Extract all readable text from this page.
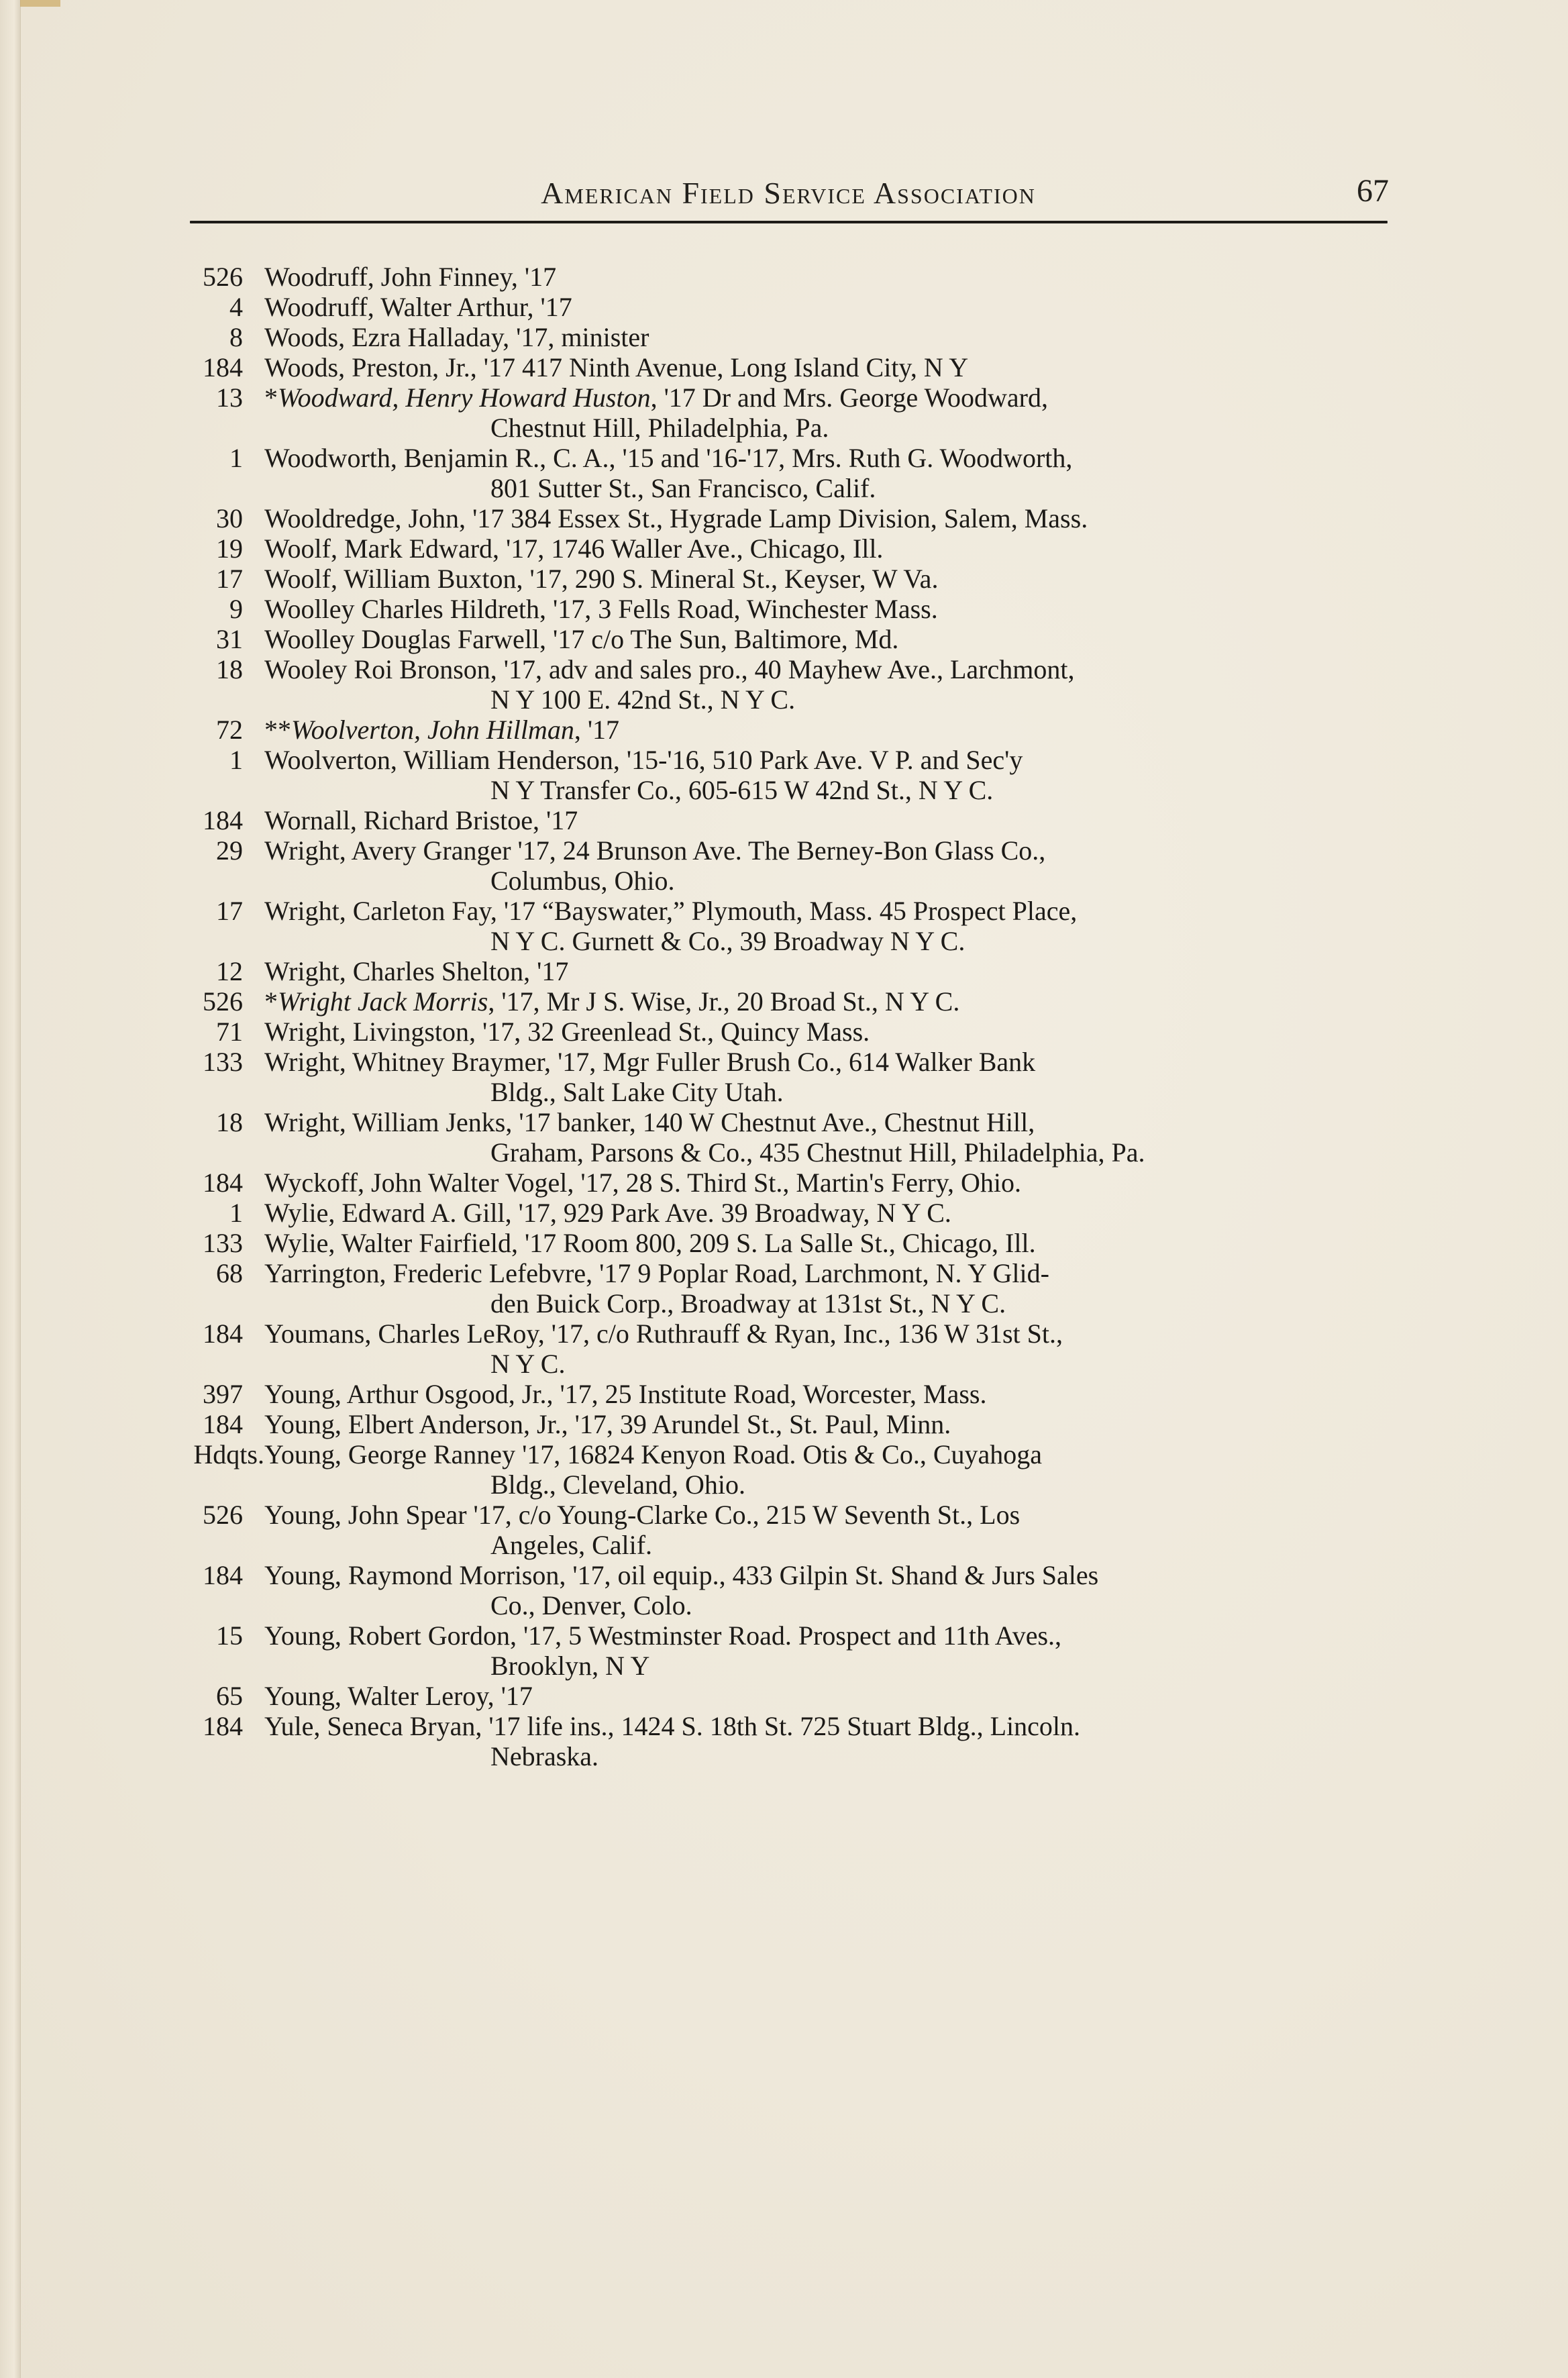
American Field Service Association	67
526 Woodruff, John Finney, '17
4 Woodruff, Walter Arthur, '17
8 Woods, Ezra Halladay, '17, minister
184 Woods, Preston, Jr., '17 417 Ninth Avenue, Long Island City, N Y
13 *Woodward, Henry Howard Huston, '17 Dr and Mrs. George Woodward,
Chestnut Hill, Philadelphia, Pa.
1 Woodworth, Benjamin R., C. A., '15 and '16-'17, Mrs. Ruth G. Woodworth,
801 Sutter St., San Francisco, Calif.
30 Wooldredge, John, '17 384 Essex St., Hygrade Lamp Division, Salem, Mass.
19 Woolf, Mark Edward, '17, 1746 Waller Ave., Chicago, Ill.
17 Woolf, William Buxton, '17, 290 S. Mineral St., Keyser, W Va.
9 Woolley Charles Hildreth, '17, 3 Fells Road, Winchester Mass.
31 Woolley Douglas Farwell, '17 c/o The Sun, Baltimore, Md.
18 Wooley Roi Bronson, '17, adv and sales pro., 40 Mayhew Ave., Larchmont,
N Y 100 E. 42nd St., N Y C.
72 **Woolverton, John Hillman, '17
1 Woolverton, William Henderson, '15-'16, 510 Park Ave. V P. and Sec'y
N Y Transfer Co., 605-615 W 42nd St., N Y C.
184 Wornall, Richard Bristoe, '17
29 Wright, Avery Granger '17, 24 Brunson Ave. The Berney-Bon Glass Co.,
Columbus, Ohio.
17 Wright, Carleton Fay, '17 “Bayswater,” Plymouth, Mass. 45 Prospect Place,
N Y C. Gurnett & Co., 39 Broadway N Y C.
12 Wright, Charles Shelton, '17
526 *Wright Jack Morris, '17, Mr J S. Wise, Jr., 20 Broad St., N Y C.
71 Wright, Livingston, '17, 32 Greenlead St., Quincy Mass.
133 Wright, Whitney Braymer, '17, Mgr Fuller Brush Co., 614 Walker Bank
Bldg., Salt Lake City Utah.
18 Wright, William Jenks, '17 banker, 140 W Chestnut Ave., Chestnut Hill,
Graham, Parsons & Co., 435 Chestnut Hill, Philadelphia, Pa.
184 Wyckoff, John Walter Vogel, '17, 28 S. Third St., Martin's Ferry, Ohio.
1 Wylie, Edward A. Gill, '17, 929 Park Ave. 39 Broadway, N Y C.
133 Wylie, Walter Fairfield, '17 Room 800, 209 S. La Salle St., Chicago, Ill.
68 Yarrington, Frederic Lefebvre, '17 9 Poplar Road, Larchmont, N. Y Glid-
den Buick Corp., Broadway at 131st St., N Y C.
184 Youmans, Charles LeRoy, '17, c/o Ruthrauff & Ryan, Inc., 136 W 31st St.,
N Y C.
397 Young, Arthur Osgood, Jr., '17, 25 Institute Road, Worcester, Mass.
184 Young, Elbert Anderson, Jr., '17, 39 Arundel St., St. Paul, Minn.
Hdqts. Young, George Ranney '17, 16824 Kenyon Road. Otis & Co., Cuyahoga
Bldg., Cleveland, Ohio.
526 Young, John Spear '17, c/o Young-Clarke Co., 215 W Seventh St., Los
Angeles, Calif.
184 Young, Raymond Morrison, '17, oil equip., 433 Gilpin St. Shand & Jurs Sales
Co., Denver, Colo.
15 Young, Robert Gordon, '17, 5 Westminster Road. Prospect and 11th Aves.,
Brooklyn, N Y
65 Young, Walter Leroy, '17
184 Yule, Seneca Bryan, '17 life ins., 1424 S. 18th St. 725 Stuart Bldg., Lincoln.
Nebraska.
